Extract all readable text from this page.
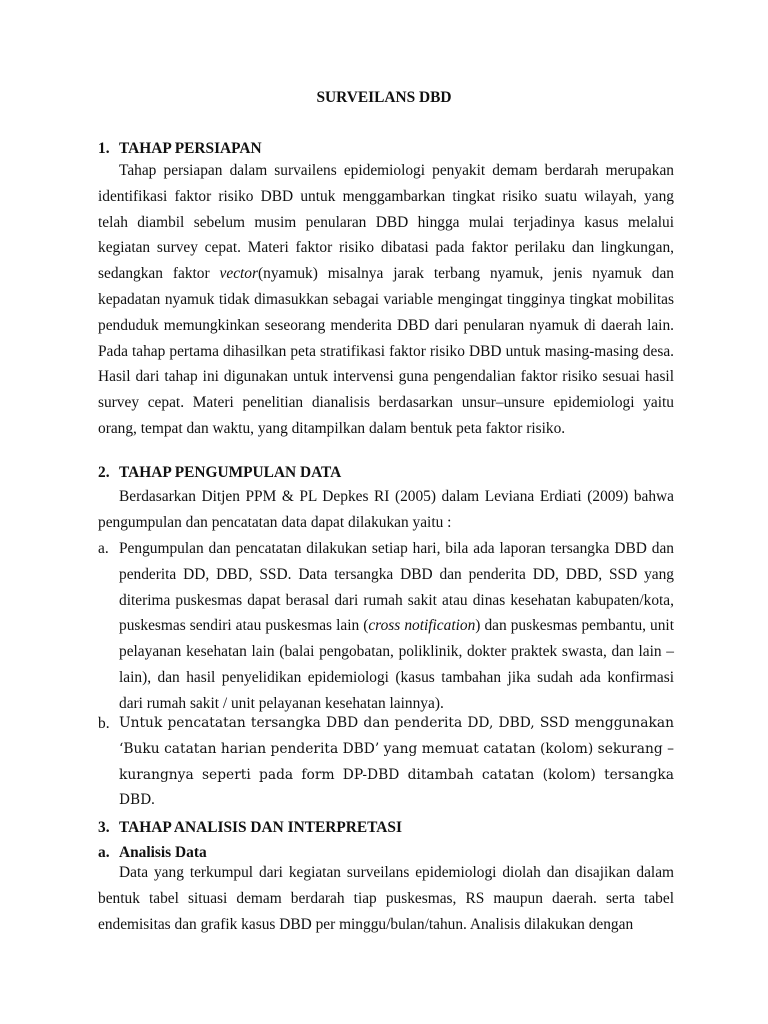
SURVEILANS DBD
1. TAHAP PERSIAPAN
Tahap persiapan dalam survailens epidemiologi penyakit demam berdarah merupakan identifikasi faktor risiko DBD untuk menggambarkan tingkat risiko suatu wilayah, yang telah diambil sebelum musim penularan DBD hingga mulai terjadinya kasus melalui kegiatan survey cepat. Materi faktor risiko dibatasi pada faktor perilaku dan lingkungan, sedangkan faktor vector(nyamuk) misalnya jarak terbang nyamuk, jenis nyamuk dan kepadatan nyamuk tidak dimasukkan sebagai variable mengingat tingginya tingkat mobilitas penduduk memungkinkan seseorang menderita DBD dari penularan nyamuk di daerah lain. Pada tahap pertama dihasilkan peta stratifikasi faktor risiko DBD untuk masing-masing desa. Hasil dari tahap ini digunakan untuk intervensi guna pengendalian faktor risiko sesuai hasil survey cepat. Materi penelitian dianalisis berdasarkan unsur–unsure epidemiologi yaitu orang, tempat dan waktu, yang ditampilkan dalam bentuk peta faktor risiko.
2. TAHAP PENGUMPULAN DATA
Berdasarkan Ditjen PPM & PL Depkes RI (2005) dalam Leviana Erdiati (2009) bahwa pengumpulan dan pencatatan data dapat dilakukan yaitu :
a. Pengumpulan dan pencatatan dilakukan setiap hari, bila ada laporan tersangka DBD dan penderita DD, DBD, SSD. Data tersangka DBD dan penderita DD, DBD, SSD yang diterima puskesmas dapat berasal dari rumah sakit atau dinas kesehatan kabupaten/kota, puskesmas sendiri atau puskesmas lain (cross notification) dan puskesmas pembantu, unit pelayanan kesehatan lain (balai pengobatan, poliklinik, dokter praktek swasta, dan lain – lain), dan hasil penyelidikan epidemiologi (kasus tambahan jika sudah ada konfirmasi dari rumah sakit / unit pelayanan kesehatan lainnya).
b. Untuk pencatatan tersangka DBD dan penderita DD, DBD, SSD menggunakan ‘Buku catatan harian penderita DBD’ yang memuat catatan (kolom) sekurang – kurangnya seperti pada form DP-DBD ditambah catatan (kolom) tersangka DBD.
3. TAHAP ANALISIS DAN INTERPRETASI
a. Analisis Data
Data yang terkumpul dari kegiatan surveilans epidemiologi diolah dan disajikan dalam bentuk tabel situasi demam berdarah tiap puskesmas, RS maupun daerah. serta tabel endemisitas dan grafik kasus DBD per minggu/bulan/tahun. Analisis dilakukan dengan
